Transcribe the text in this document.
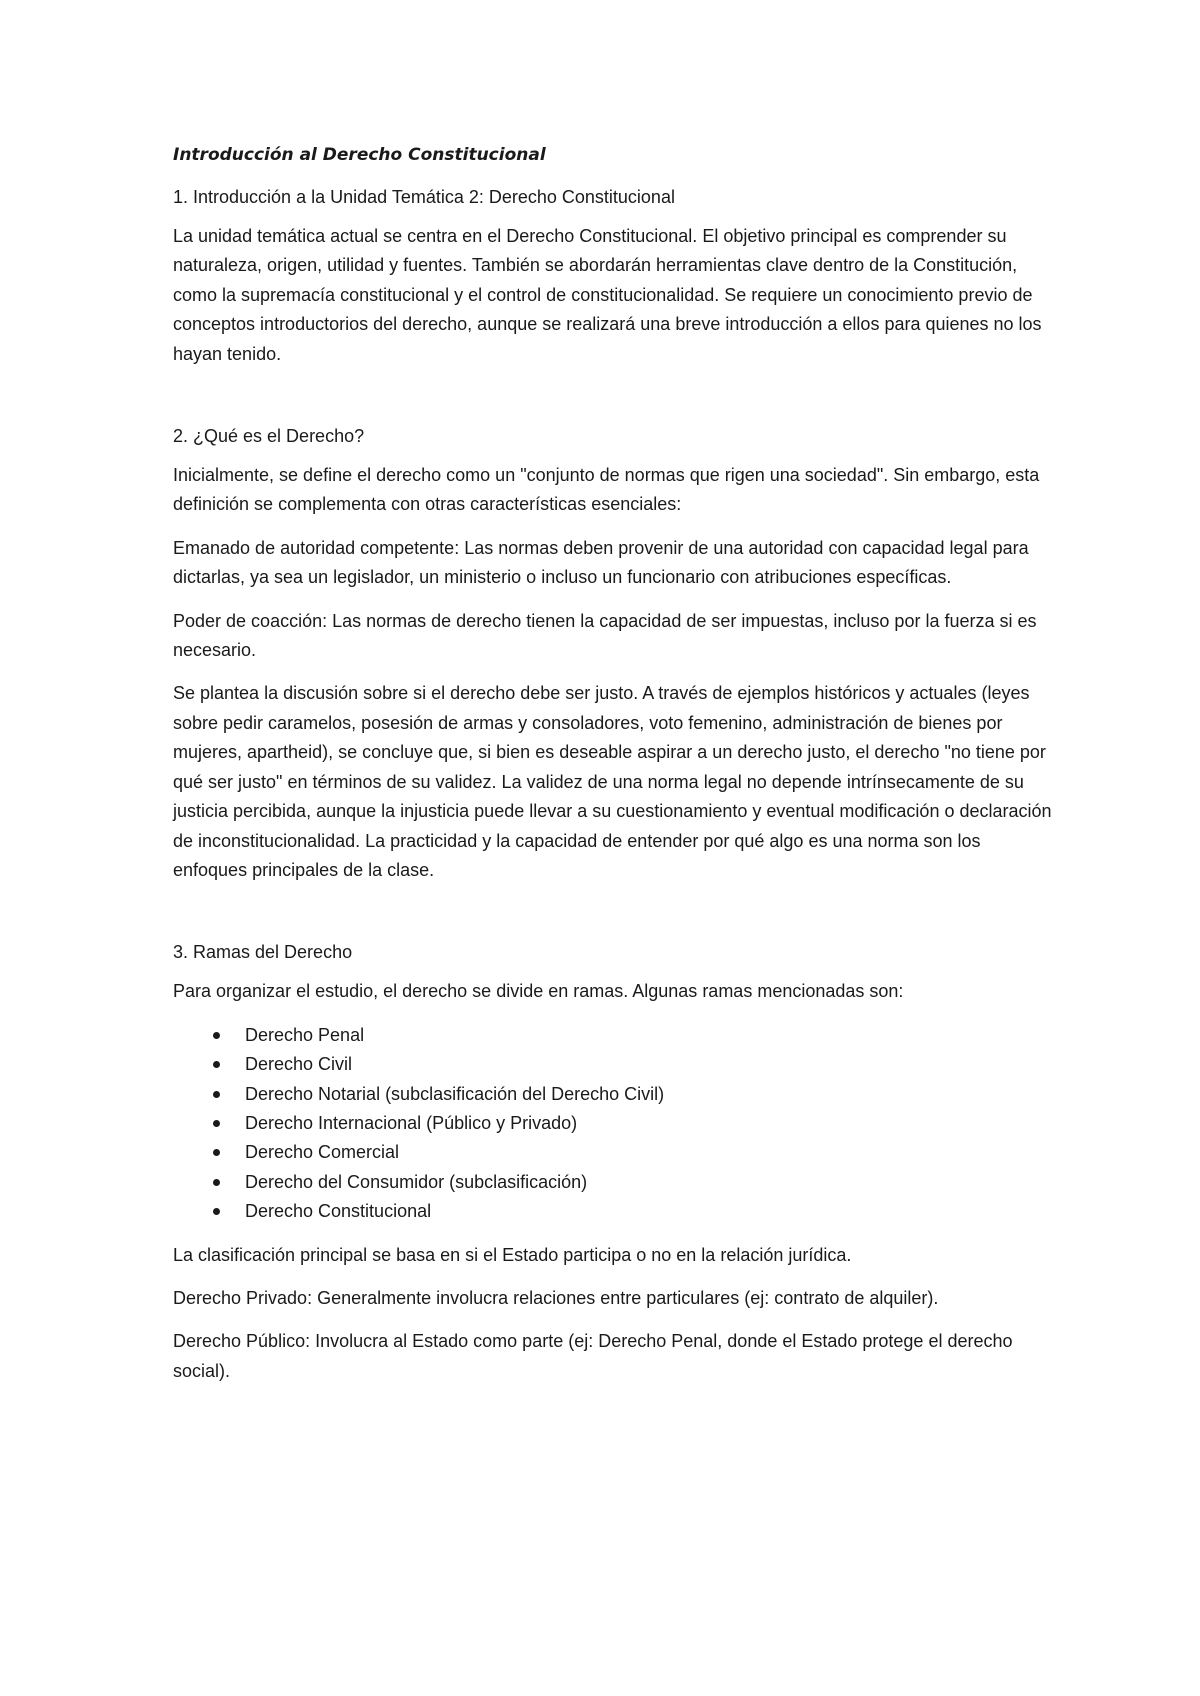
Introducción al Derecho Constitucional
1. Introducción a la Unidad Temática 2: Derecho Constitucional
La unidad temática actual se centra en el Derecho Constitucional. El objetivo principal es comprender su naturaleza, origen, utilidad y fuentes. También se abordarán herramientas clave dentro de la Constitución, como la supremacía constitucional y el control de constitucionalidad. Se requiere un conocimiento previo de conceptos introductorios del derecho, aunque se realizará una breve introducción a ellos para quienes no los hayan tenido.
2. ¿Qué es el Derecho?
Inicialmente, se define el derecho como un "conjunto de normas que rigen una sociedad". Sin embargo, esta definición se complementa con otras características esenciales:
Emanado de autoridad competente: Las normas deben provenir de una autoridad con capacidad legal para dictarlas, ya sea un legislador, un ministerio o incluso un funcionario con atribuciones específicas.
Poder de coacción: Las normas de derecho tienen la capacidad de ser impuestas, incluso por la fuerza si es necesario.
Se plantea la discusión sobre si el derecho debe ser justo. A través de ejemplos históricos y actuales (leyes sobre pedir caramelos, posesión de armas y consoladores, voto femenino, administración de bienes por mujeres, apartheid), se concluye que, si bien es deseable aspirar a un derecho justo, el derecho "no tiene por qué ser justo" en términos de su validez. La validez de una norma legal no depende intrínsecamente de su justicia percibida, aunque la injusticia puede llevar a su cuestionamiento y eventual modificación o declaración de inconstitucionalidad. La practicidad y la capacidad de entender por qué algo es una norma son los enfoques principales de la clase.
3. Ramas del Derecho
Para organizar el estudio, el derecho se divide en ramas. Algunas ramas mencionadas son:
Derecho Penal
Derecho Civil
Derecho Notarial (subclasificación del Derecho Civil)
Derecho Internacional (Público y Privado)
Derecho Comercial
Derecho del Consumidor (subclasificación)
Derecho Constitucional
La clasificación principal se basa en si el Estado participa o no en la relación jurídica.
Derecho Privado: Generalmente involucra relaciones entre particulares (ej: contrato de alquiler).
Derecho Público: Involucra al Estado como parte (ej: Derecho Penal, donde el Estado protege el derecho social).
